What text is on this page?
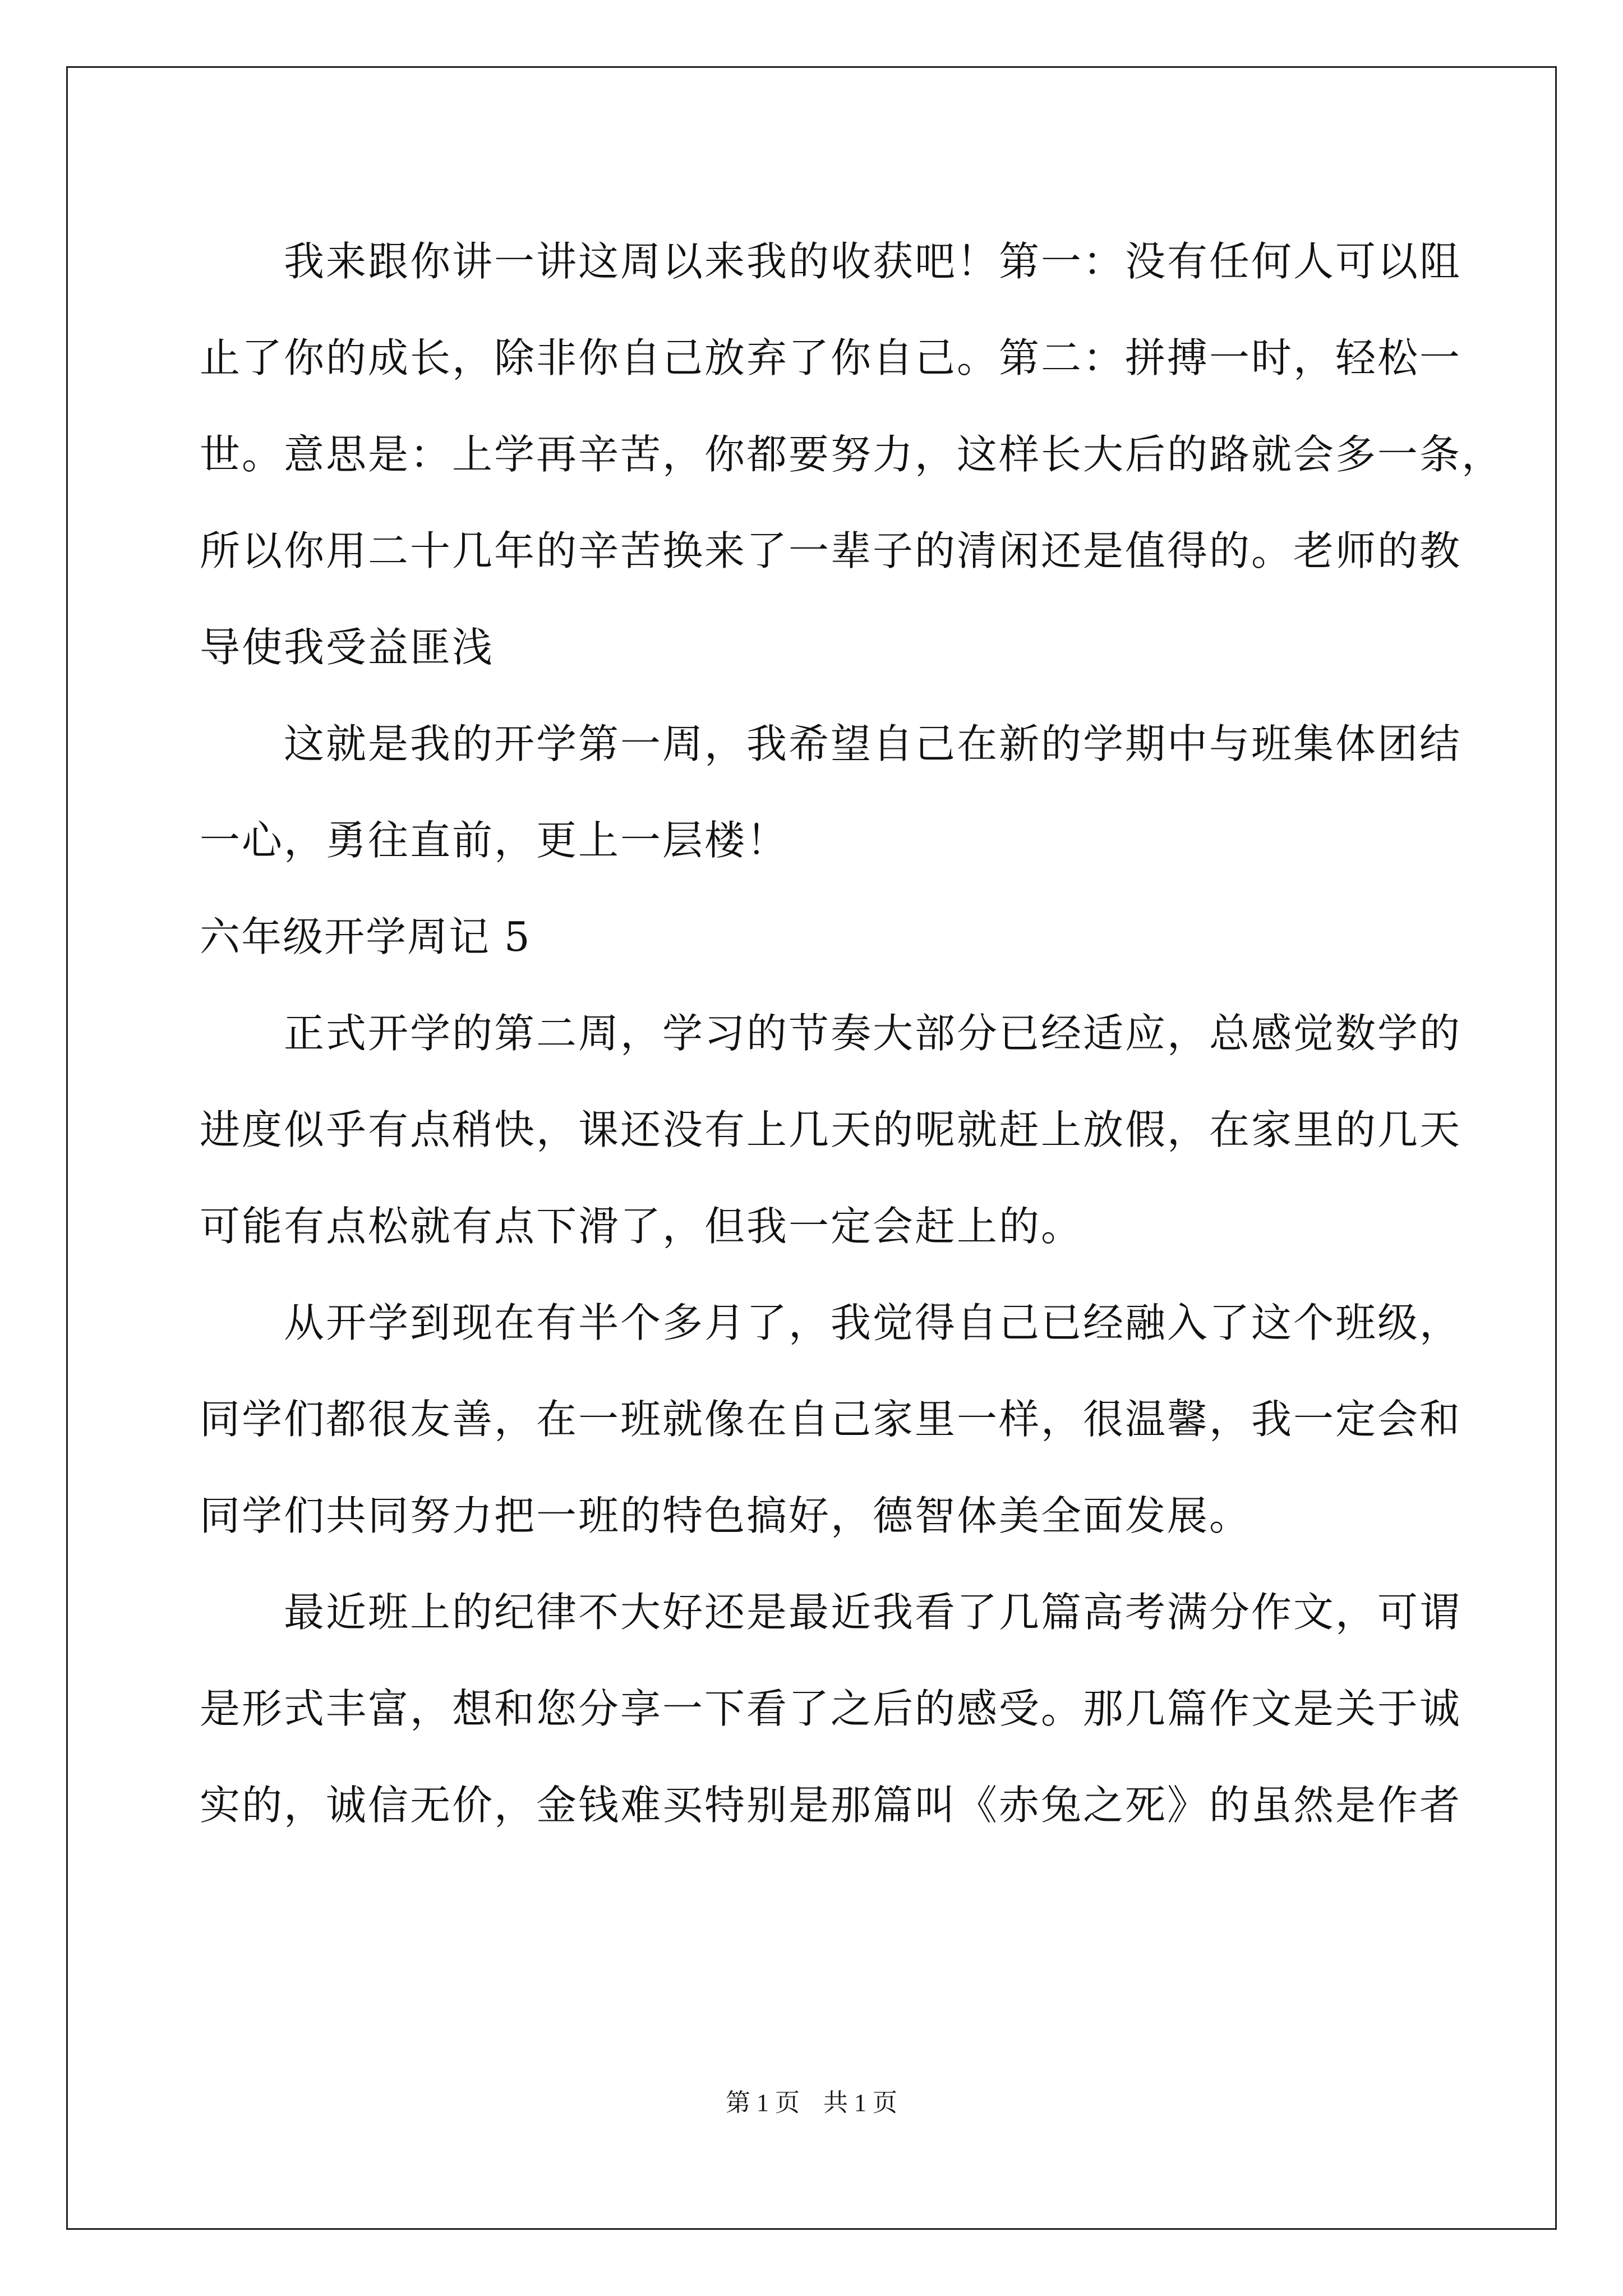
我来跟你讲一讲这周以来我的收获吧！第一：没有任何人可以阻
止了你的成长，除非你自己放弃了你自己。第二：拼搏一时，轻松一
世。意思是：上学再辛苦，你都要努力，这样长大后的路就会多一条，
所以你用二十几年的辛苦换来了一辈子的清闲还是值得的。老师的教
导使我受益匪浅
这就是我的开学第一周，我希望自己在新的学期中与班集体团结
一心，勇往直前，更上一层楼！
六年级开学周记 5
正式开学的第二周，学习的节奏大部分已经适应，总感觉数学的
进度似乎有点稍快，课还没有上几天的呢就赶上放假，在家里的几天
可能有点松就有点下滑了，但我一定会赶上的。
从开学到现在有半个多月了，我觉得自己已经融入了这个班级，
同学们都很友善，在一班就像在自己家里一样，很温馨，我一定会和
同学们共同努力把一班的特色搞好，德智体美全面发展。
最近班上的纪律不大好还是最近我看了几篇高考满分作文，可谓
是形式丰富，想和您分享一下看了之后的感受。那几篇作文是关于诚
实的，诚信无价，金钱难买特别是那篇叫《赤兔之死》的虽然是作者
第 1 页 共 1 页
